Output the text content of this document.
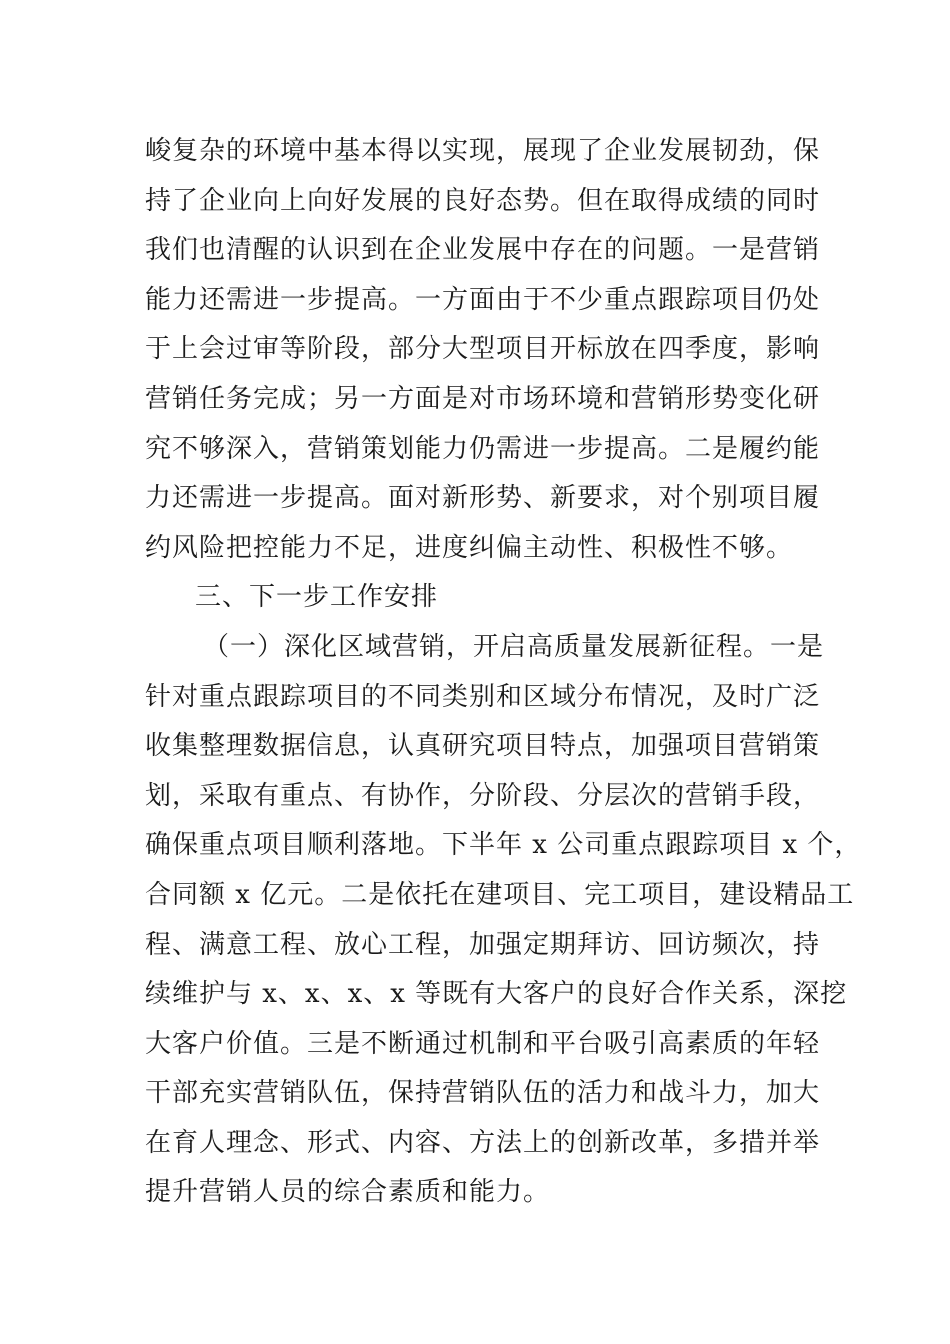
峻复杂的环境中基本得以实现，展现了企业发展韧劲，保
持了企业向上向好发展的良好态势。但在取得成绩的同时
我们也清醒的认识到在企业发展中存在的问题。一是营销
能力还需进一步提高。一方面由于不少重点跟踪项目仍处
于上会过审等阶段，部分大型项目开标放在四季度，影响
营销任务完成；另一方面是对市场环境和营销形势变化研
究不够深入，营销策划能力仍需进一步提高。二是履约能
力还需进一步提高。面对新形势、新要求，对个别项目履
约风险把控能力不足，进度纠偏主动性、积极性不够。
三、下一步工作安排
（一）深化区域营销，开启高质量发展新征程。一是
针对重点跟踪项目的不同类别和区域分布情况，及时广泛
收集整理数据信息，认真研究项目特点，加强项目营销策
划，采取有重点、有协作，分阶段、分层次的营销手段，
确保重点项目顺利落地。下半年 x 公司重点跟踪项目 x 个，
合同额 x 亿元。二是依托在建项目、完工项目，建设精品工
程、满意工程、放心工程，加强定期拜访、回访频次，持
续维护与 x、x、x、x 等既有大客户的良好合作关系，深挖
大客户价值。三是不断通过机制和平台吸引高素质的年轻
干部充实营销队伍，保持营销队伍的活力和战斗力，加大
在育人理念、形式、内容、方法上的创新改革，多措并举
提升营销人员的综合素质和能力。
